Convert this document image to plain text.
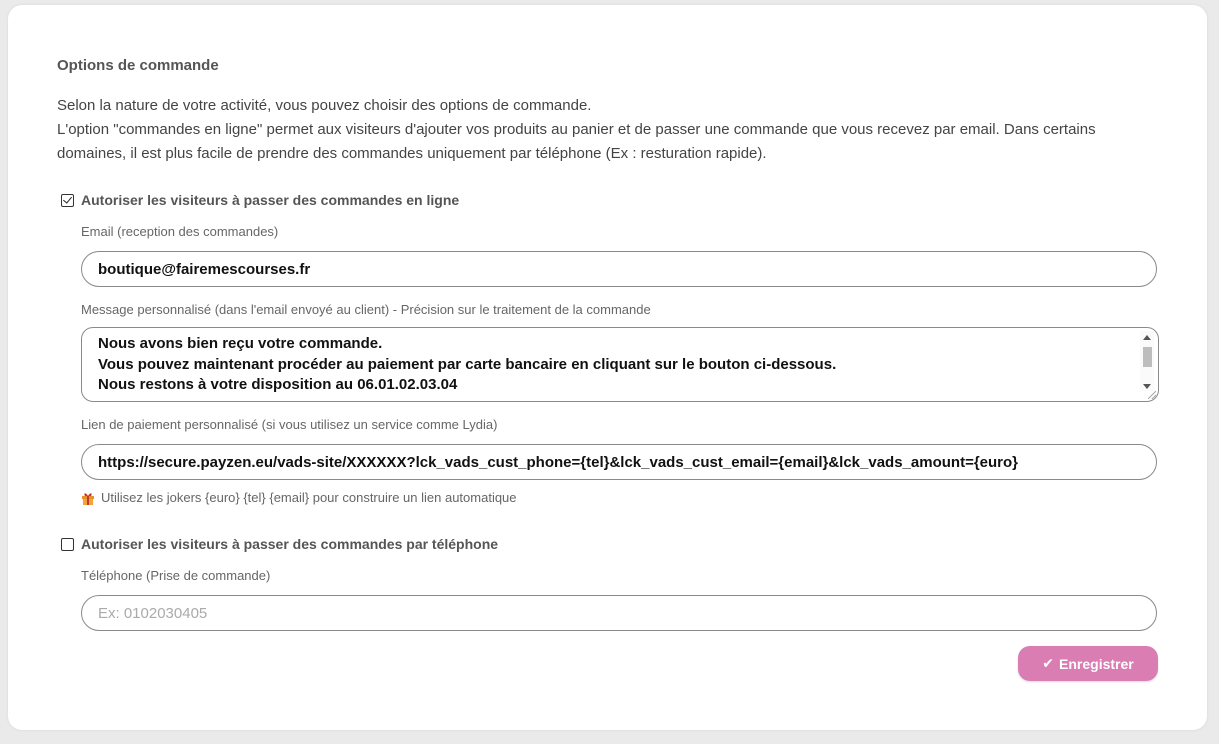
Options de commande

Selon la nature de votre activité, vous pouvez choisir des options de commande.

L'option "commandes en ligne" permet aux visiteurs d'ajouter vos produits au panier et de passer une commande que vous recevez par email. Dans certains domaines, il est plus facile de prendre des commandes uniquement par téléphone (Ex : resturation rapide).

Autoriser les visiteurs à passer des commandes en ligne
Email (reception des commandes)
boutique@fairemescourses.fr
Message personnalisé (dans l'email envoyé au client) - Précision sur le traitement de la commande
Nous avons bien reçu votre commande.
Vous pouvez maintenant procéder au paiement par carte bancaire en cliquant sur le bouton ci-dessous.
Nous restons à votre disposition au 06.01.02.03.04
Lien de paiement personnalisé (si vous utilisez un service comme Lydia)
https://secure.payzen.eu/vads-site/XXXXXX?lck_vads_cust_phone={tel}&lck_vads_cust_email={email}&lck_vads_amount={euro}
Utilisez les jokers {euro} {tel} {email} pour construire un lien automatique
Autoriser les visiteurs à passer des commandes par téléphone
Téléphone (Prise de commande)
Ex: 0102030405
✔ Enregistrer
